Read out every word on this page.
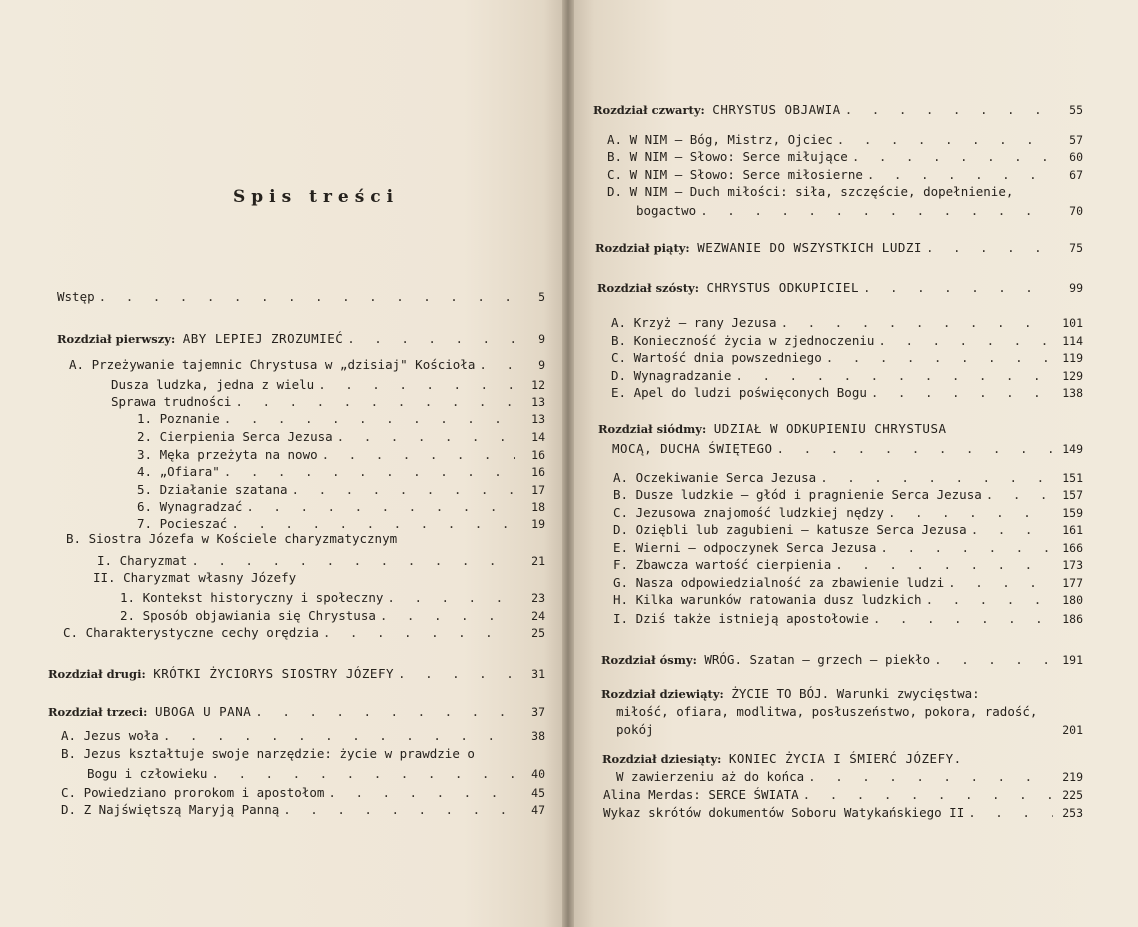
Spis treści
Wstęp . . .	5
Rozdział pierwszy:
ABY LEPIEJ ZROZUMIEĆ . . .	9
A. Przeżywanie tajemnic Chrystusa w „dzisiaj" Kościoła . . .	9
Dusza ludzka, jedna z wielu . . .	12
Sprawa trudności . . .	13
1. Poznanie . . .	13
2. Cierpienia Serca Jezusa . . .	14
3. Męka przeżyta na nowo . . .	16
4. „Ofiara" . . .	16
5. Działanie szatana . . .	17
6. Wynagradzać . . .	18
7. Pocieszać . . .	19
B. Siostra Józefa w Kościele charyzmatycznym
I. Charyzmat . . .	21
II. Charyzmat własny Józefy
1. Kontekst historyczny i społeczny . . .	23
2. Sposób objawiania się Chrystusa . . .	24
C. Charakterystyczne cechy orędzia . . .	25
Rozdział drugi:
KRÓTKI ŻYCIORYS SIOSTRY JÓZEFY . . .	31
Rozdział trzeci:
UBOGA U PANA . . .	37
A. Jezus woła . . .	38
B. Jezus kształtuje swoje narzędzie: życie w prawdzie o
Bogu i człowieku . . .	40
C. Powiedziano prorokom i apostołom . . .	45
D. Z Najświętszą Maryją Panną . . .	47
Rozdział czwarty:
CHRYSTUS OBJAWIA . . .	55
A. W NIM — Bóg, Mistrz, Ojciec . . .	57
B. W NIM — Słowo: Serce miłujące . . .	60
C. W NIM — Słowo: Serce miłosierne . . .	67
D. W NIM — Duch miłości: siła, szczęście, dopełnienie,
bogactwo . . .	70
Rozdział piąty:
WEZWANIE DO WSZYSTKICH LUDZI . . .	75
Rozdział szósty:
CHRYSTUS ODKUPICIEL . . .	99
A. Krzyż — rany Jezusa . . .	101
B. Konieczność życia w zjednoczeniu . . .	114
C. Wartość dnia powszedniego . . .	119
D. Wynagradzanie . . .	129
E. Apel do ludzi poświęconych Bogu . . .	138
Rozdział siódmy:
UDZIAŁ W ODKUPIENIU CHRYSTUSA
MOCĄ, DUCHA ŚWIĘTEGO . . .	149
A. Oczekiwanie Serca Jezusa . . .	151
B. Dusze ludzkie — głód i pragnienie Serca Jezusa . . .	157
C. Jezusowa znajomość ludzkiej nędzy . . .	159
D. Oziębli lub zagubieni — katusze Serca Jezusa . . .	161
E. Wierni — odpoczynek Serca Jezusa . . .	166
F. Zbawcza wartość cierpienia . . .	173
G. Nasza odpowiedzialność za zbawienie ludzi . . .	177
H. Kilka warunków ratowania dusz ludzkich . . .	180
I. Dziś także istnieją apostołowie . . .	186
Rozdział ósmy:
WRÓG. Szatan — grzech — piekło . . .	191
Rozdział dziewiąty:
ŻYCIE TO BÓJ. Warunki zwycięstwa:
miłość, ofiara, modlitwa, posłuszeństwo, pokora, radość,
pokój	201
Rozdział dziesiąty:
KONIEC ŻYCIA I ŚMIERĆ JÓZEFY.
W zawierzeniu aż do końca . . .	219
Alina Merdas: SERCE ŚWIATA . . .	225
Wykaz skrótów dokumentów Soboru Watykańskiego II . . .	253
